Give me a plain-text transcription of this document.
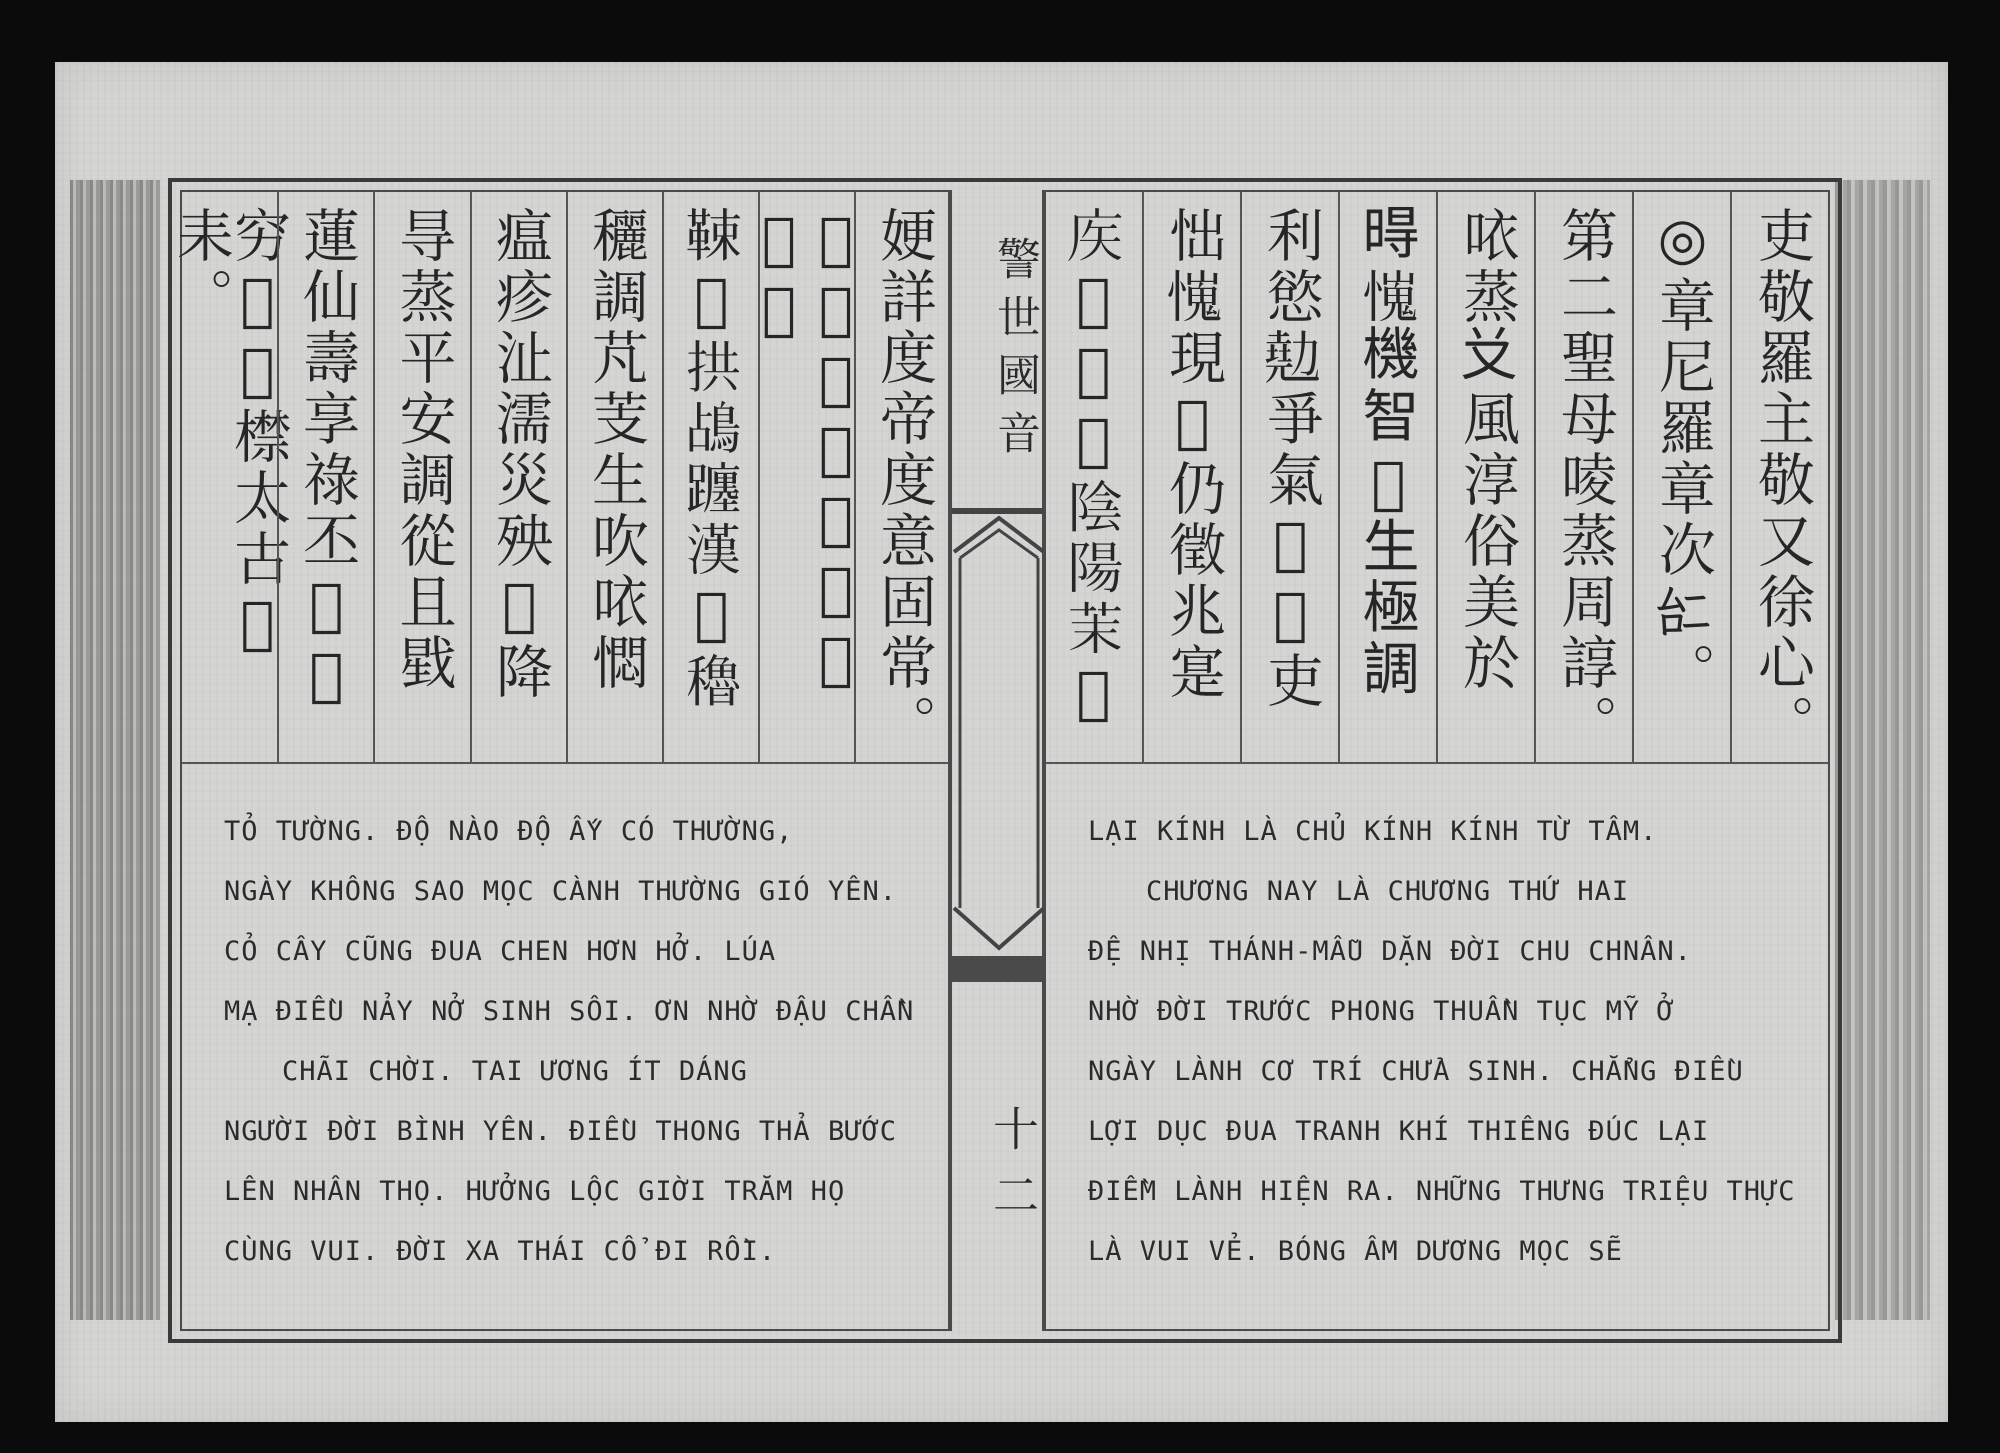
穷𢗼𦋦㯲太古𢶸耒。	蓮仙壽享祿丕𥘀𥘀 㝵蒸平安調從且戥 瘟疹沚濡災殃𠅍降 穲調芃芰生吹𠲖㦖 𩊯𣘃拱𪀄躔漢𦥃穭	𣋚空𡗶茉梗常𨖅安。	㛐詳度帝度意固常。
TỎ TƯỜNG. ĐỘ NÀO ĐỘ ẤY CÓ THƯỜNG,
NGÀY KHÔNG SAO MỌC CÀNH THƯỜNG GIÓ YÊN.
CỎ CÂY CŨNG ĐUA CHEN HƠN HỞ. LÚA
MẠ ĐIỀU NẢY NỞ SINH SÔI. ƠN NHỜ ĐẬU CHẦN
CHÃI CHỜI. TAI ƯƠNG ÍT DÁNG
NGƯỜI ĐỜI BÌNH YÊN. ĐIỀU THONG THẢ BƯỚC
LÊN NHÂN THỌ. HƯỞNG LỘC GIỜI TRĂM HỌ
CÙNG VUI. ĐỜI XA THÁI CỔ ĐI RỒI.
警世國音
十二
𢇻𢗼𥜌𩄎陰陽茉𦀊 㤕𢢯現𦋦仍徵兆寔 利慾𠢩爭氣𡗶𨪠吏 𣈜𢢯機智𠸗生極調 𠲖蒸𠬠風淳俗美於 第二聖母㖫蒸周諄。 ◎章尼羅章次𠄩。 吏敬羅主敬又徐心。
LẠI KÍNH LÀ CHỦ KÍNH KÍNH TỪ TÂM.
CHƯƠNG NAY LÀ CHƯƠNG THỨ HAI
ĐỆ NHỊ THÁNH-MẪU DẶN ĐỜI CHU CHNÂN.
NHỜ ĐỜI TRƯỚC PHONG THUẦN TỤC MỸ Ở
NGÀY LÀNH CƠ TRÍ CHỬA SINH. CHẲNG ĐIỀU
LỢI DỤC ĐUA TRANH KHÍ THIÊNG ĐÚC LẠI
ĐIỀM LÀNH HIỆN RA. NHỮNG THƯNG TRIỆU THỰC
LÀ VUI VẺ. BÓNG ÂM DƯƠNG MỌC SẼ
